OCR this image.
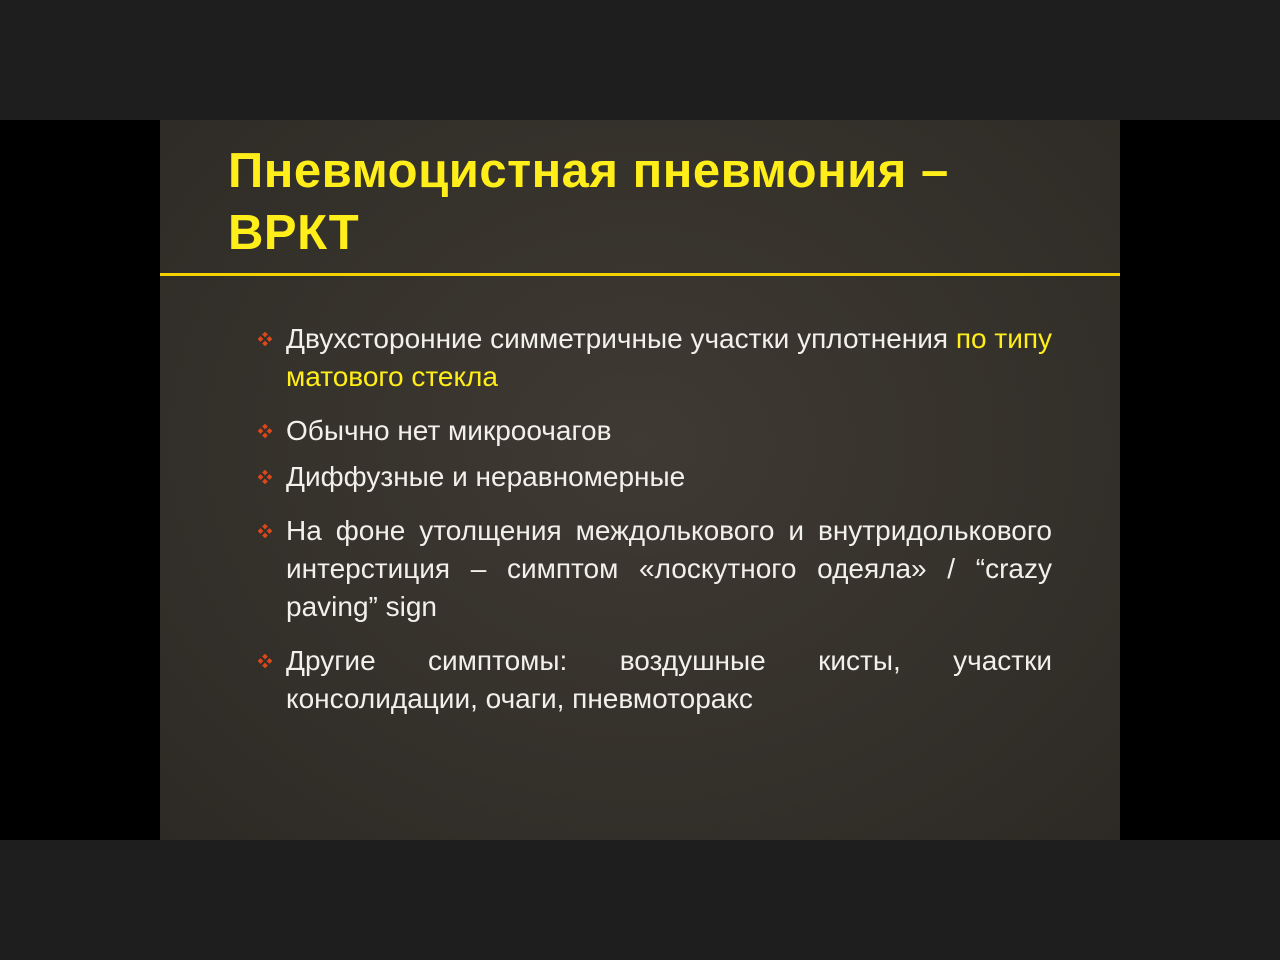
Пневмоцистная пневмония – ВРКТ
Двухсторонние симметричные участки уплотнения по типу матового стекла
Обычно нет микроочагов
Диффузные и неравномерные
На фоне утолщения междолькового и внутридолькового интерстиция – симптом «лоскутного одеяла» / “crazy paving” sign
Другие симптомы: воздушные кисты, участки консолидации, очаги, пневмоторакс
